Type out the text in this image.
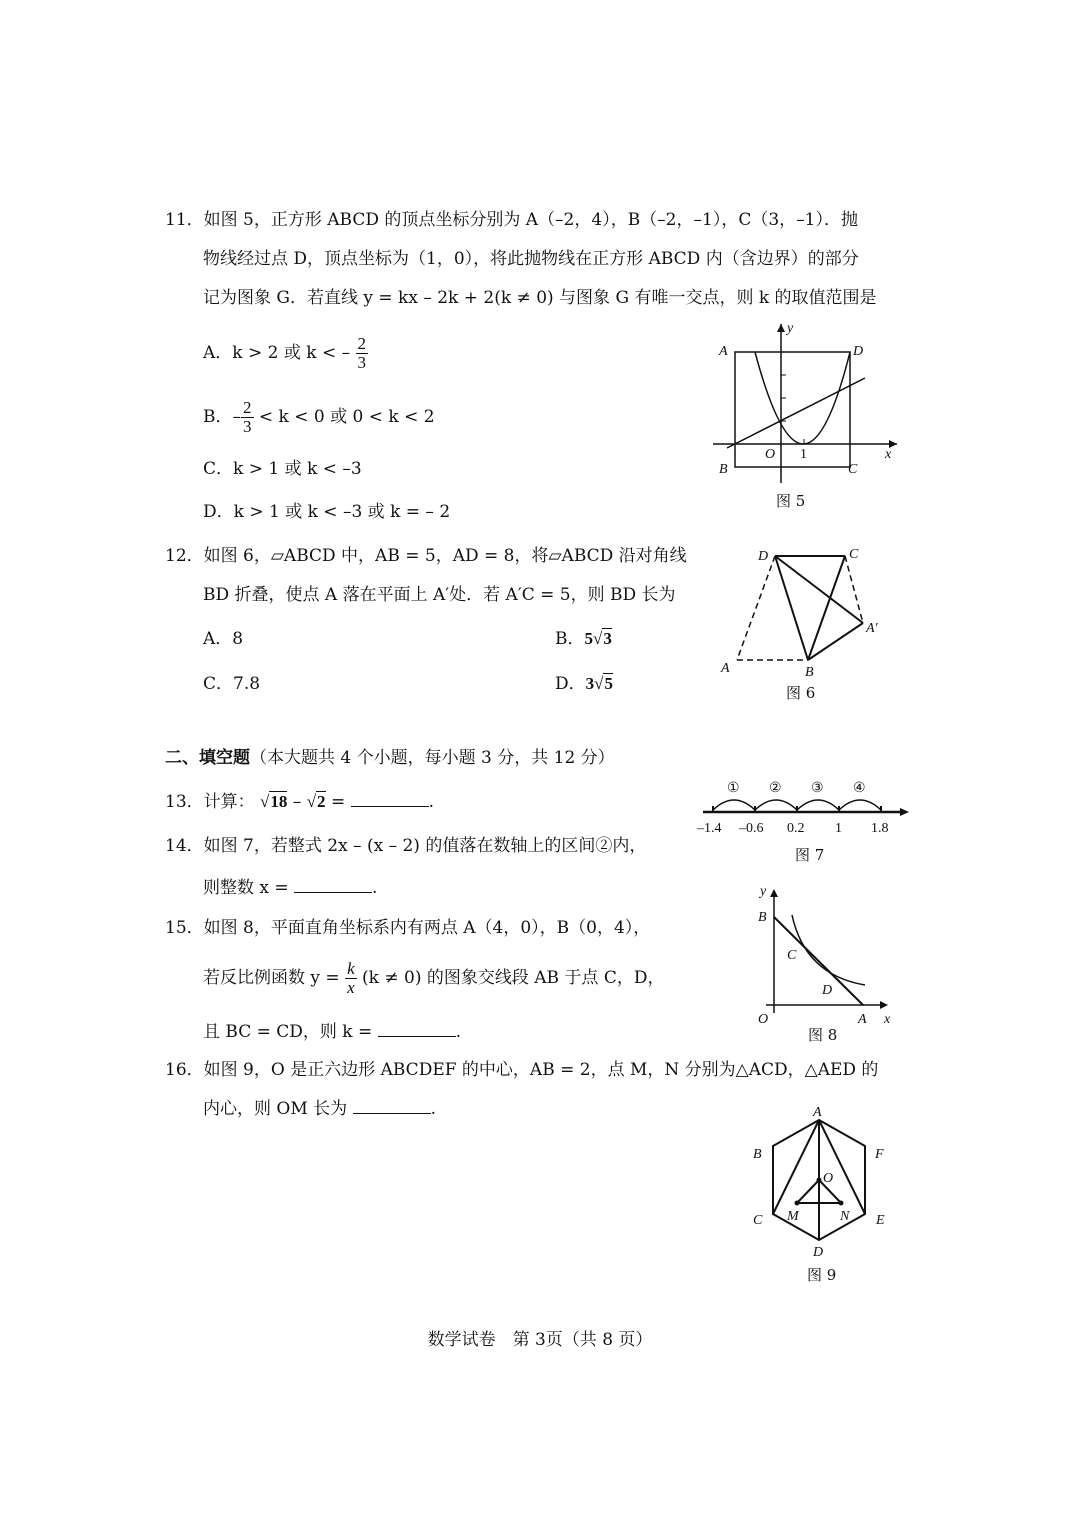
11．如图 5，正方形 ABCD 的顶点坐标分别为 A（–2，4），B（–2，–1），C（3，–1）．抛
物线经过点 D，顶点坐标为（1，0），将此抛物线在正方形 ABCD 内（含边界）的部分
记为图象 G．若直线 y = kx – 2k + 2(k ≠ 0) 与图象 G 有唯一交点，则 k 的取值范围是
A．k > 2 或 k < – $\frac{2}{3}$
B．– $\frac{2}{3} < k < 0$ 或 0 < k < 2
C．k > 1 或 k < –3
D．k > 1 或 k < –3 或 k = – 2
A	D
B	C
O 1	x
y
图 5
12．如图 6，▱ABCD 中，AB = 5，AD = 8，将▱ABCD 沿对角线
BD 折叠，使点 A 落在平面上 A′处．若 A′C = 5，则 BD 长为
A．8	B．5√3
C．7.8	D．3√5
D	C
A′
A	B
图 6
二、填空题（本大题共 4 个小题，每小题 3 分，共 12 分）
13．计算： √18 – √2 =	.
① ② ③ ④
–1.4 –0.6 0.2 1 1.8
图 7
14．如图 7，若整式 2x – (x – 2) 的值落在数轴上的区间②内，
则整数 x =	.
15．如图 8，平面直角坐标系内有两点 A（4，0），B（0，4），
若反比例函数 $y = \frac{k}{x} (k \ne 0)$ 的图象交线段 AB 于点 C，D，
且 BC = CD，则 k =	.
y
B
C
D
O	A x
图 8
16．如图 9，O 是正六边形 ABCDEF 的中心，AB = 2，点 M，N 分别为△ACD，△AED 的
内心，则 OM 长为	.	A
B	F
O
C M	N E
D
图 9
数学试卷　第 3页（共 8 页）
